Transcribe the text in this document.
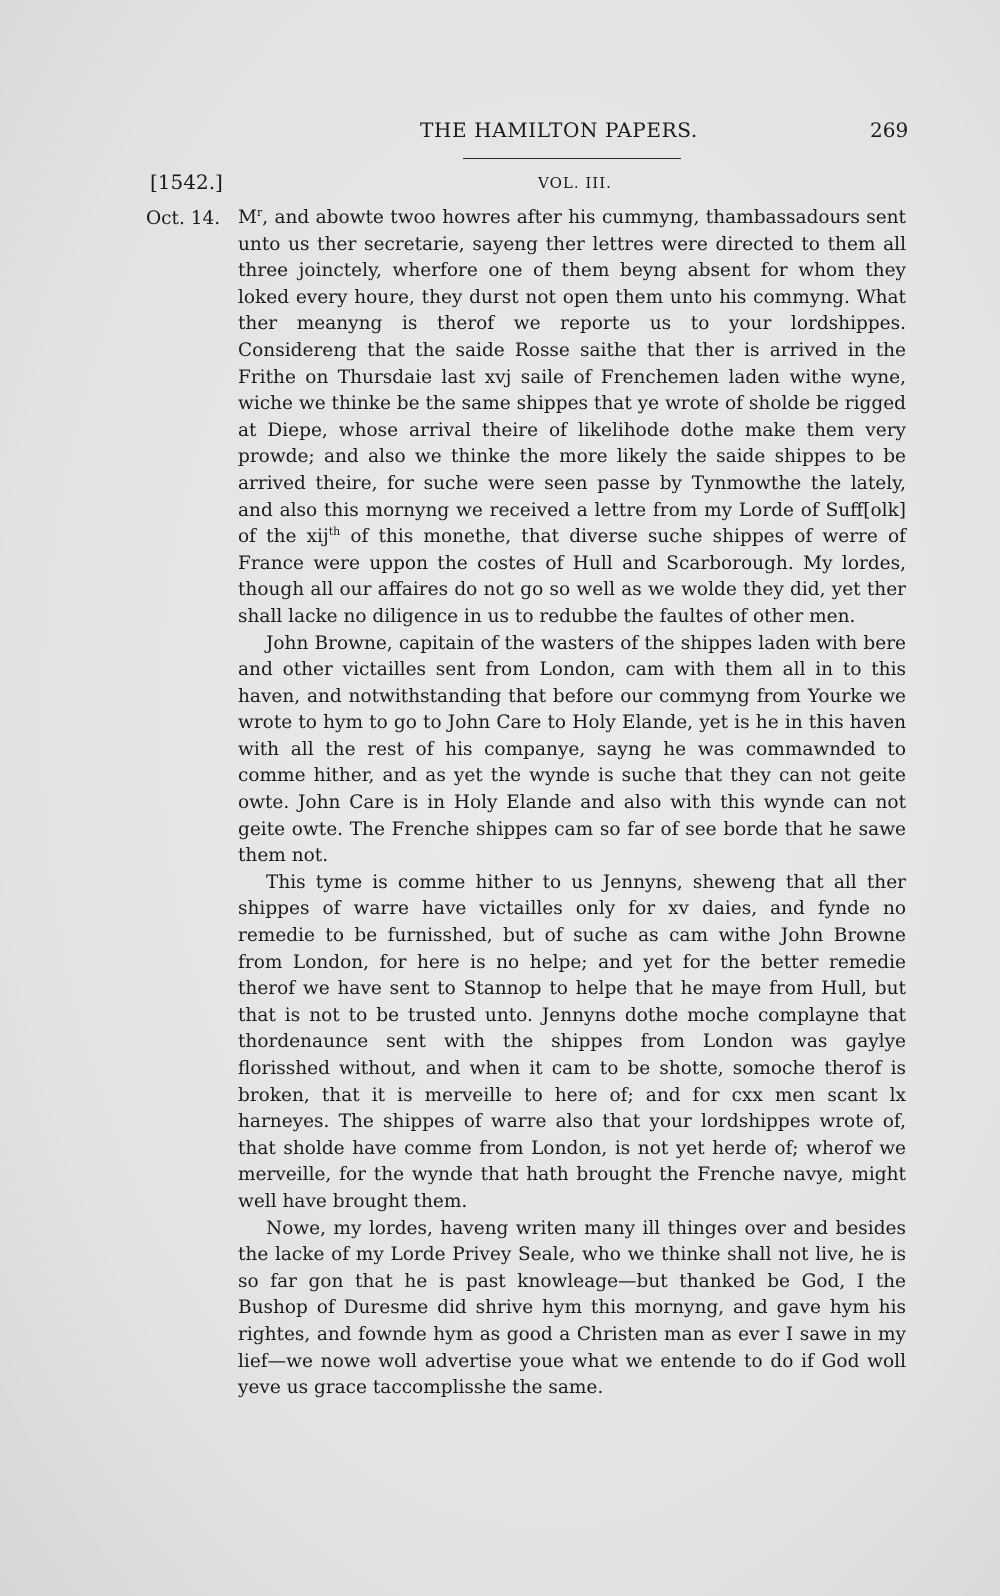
THE HAMILTON PAPERS.	269
[1542.]	VOL. III.
Oct. 14. $M^r$, and abowte twoo howres after his cummyng, thambassadours sent unto us ther secretarie, sayeng ther lettres were directed to them all three joinctely, wherfore one of them beyng absent for whom they loked every houre, they durst not open them unto his commyng. What ther meanyng is therof we reporte us to your lordshippes. Considereng that the saide Rosse saithe that ther is arrived in the Frithe on Thursdaie last xvj saile of Frenchemen laden withe wyne, wiche we thinke be the same shippes that ye wrote of sholde be rigged at Diepe, whose arrival theire of likelihode dothe make them very prowde; and also we thinke the more likely the saide shippes to be arrived theire, for suche were seen passe by Tynmowthe the lately, and also this mornyng we received a lettre from my Lorde of Suff[olk] of the xij$^{th}$ of this monethe, that diverse suche shippes of werre of France were uppon the costes of Hull and Scarborough. My lordes, though all our affaires do not go so well as we wolde they did, yet ther shall lacke no diligence in us to redubbe the faultes of other men.

John Browne, capitain of the wasters of the shippes laden with bere and other victailles sent from London, cam with them all in to this haven, and notwithstanding that before our commyng from Yourke we wrote to hym to go to John Care to Holy Elande, yet is he in this haven with all the rest of his companye, sayng he was commawnded to comme hither, and as yet the wynde is suche that they can not geite owte. John Care is in Holy Elande and also with this wynde can not geite owte. The Frenche shippes cam so far of see borde that he sawe them not.

This tyme is comme hither to us Jennyns, sheweng that all ther shippes of warre have victailles only for xv daies, and fynde no remedie to be furnisshed, but of suche as cam withe John Browne from London, for here is no helpe; and yet for the better remedie therof we have sent to Stannop to helpe that he maye from Hull, but that is not to be trusted unto. Jennyns dothe moche complayne that thordenaunce sent with the shippes from London was gaylye florisshed without, and when it cam to be shotte, somoche therof is broken, that it is merveille to here of; and for cxx men scant lx harneyes. The shippes of warre also that your lordshippes wrote of, that sholde have comme from London, is not yet herde of; wherof we merveille, for the wynde that hath brought the Frenche navye, might well have brought them.

Nowe, my lordes, haveng writen many ill thinges over and besides the lacke of my Lorde Privey Seale, who we thinke shall not live, he is so far gon that he is past knowleage—but thanked be God, I the Bushop of Duresme did shrive hym this mornyng, and gave hym his rightes, and fownde hym as good a Christen man as ever I sawe in my lief—we nowe woll advertise youe what we entende to do if God woll yeve us grace taccomplisshe the same.
